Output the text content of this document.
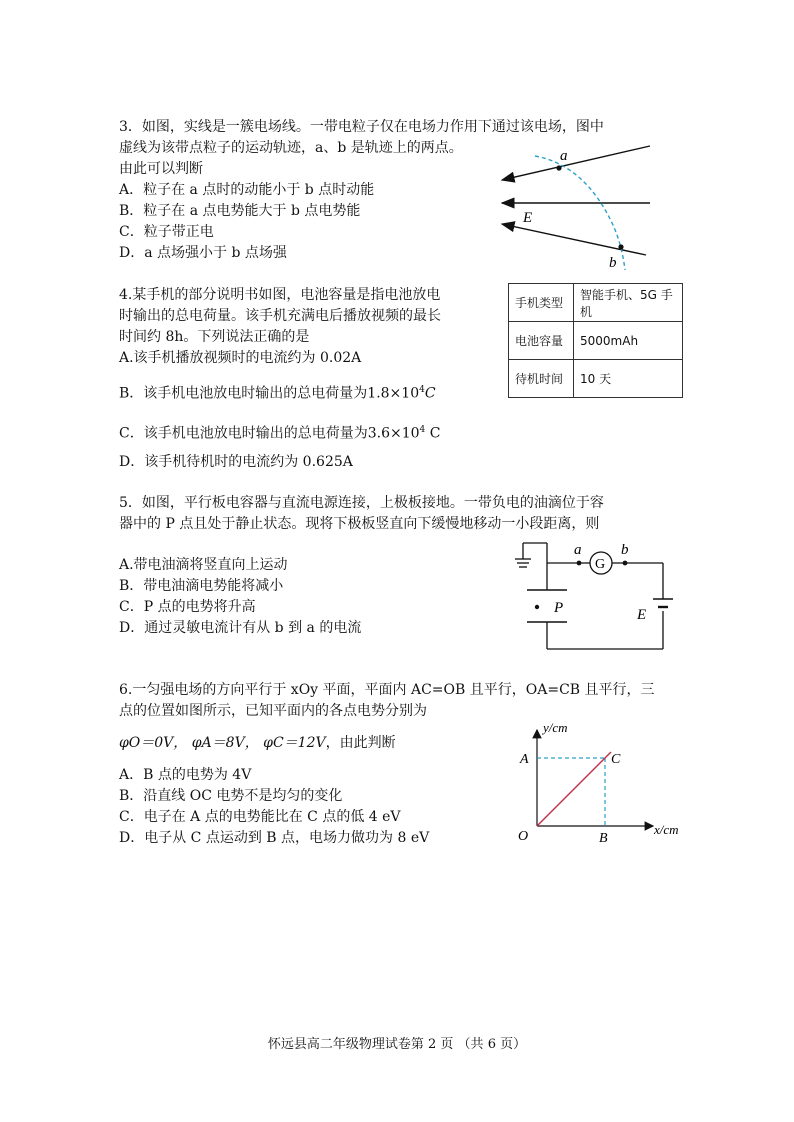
3．如图，实线是一簇电场线。一带电粒子仅在电场力作用下通过该电场，图中
虚线为该带点粒子的运动轨迹，a、b 是轨迹上的两点。
由此可以判断
A．粒子在 a 点时的动能小于 b 点时动能
B．粒子在 a 点电势能大于 b 点电势能
C．粒子带正电
D．a 点场强小于 b 点场强
a
b
E
4.某手机的部分说明书如图，电池容量是指电池放电
时输出的总电荷量。该手机充满电后播放视频的最长
时间约 8h。下列说法正确的是
A.该手机播放视频时的电流约为 0.02A
B．该手机电池放电时输出的总电荷量为$1.8\times 10^4C$
C．该手机电池放电时输出的总电荷量为$3.6\times 10^4$ C
D．该手机待机时的电流约为 0.625A
手机类型	智能手机、5G 手机
电池容量	5000mAh
待机时间	10 天
5．如图，平行板电容器与直流电源连接，上极板接地。一带负电的油滴位于容
器中的 P 点且处于静止状态。现将下极板竖直向下缓慢地移动一小段距离，则
A.带电油滴将竖直向上运动
B．带电油滴电势能将减小
C．P 点的电势将升高
D．通过灵敏电流计有从 b 到 a 的电流
a	b
G
P	E
6.一匀强电场的方向平行于 xOy 平面，平面内 AC=OB 且平行，OA=CB 且平行，三
点的位置如图所示，已知平面内的各点电势分别为
φO＝0V， φA＝8V， φC＝12V，由此判断
A．B 点的电势为 4V
B．沿直线 OC 电势不是均匀的变化
C．电子在 A 点的电势能比在 C 点的低 4 eV
D．电子从 C 点运动到 B 点，电场力做功为 8 eV
y/cm
x/cm
O
A
B
C
怀远县高二年级物理试卷第 2 页 （共 6 页）
